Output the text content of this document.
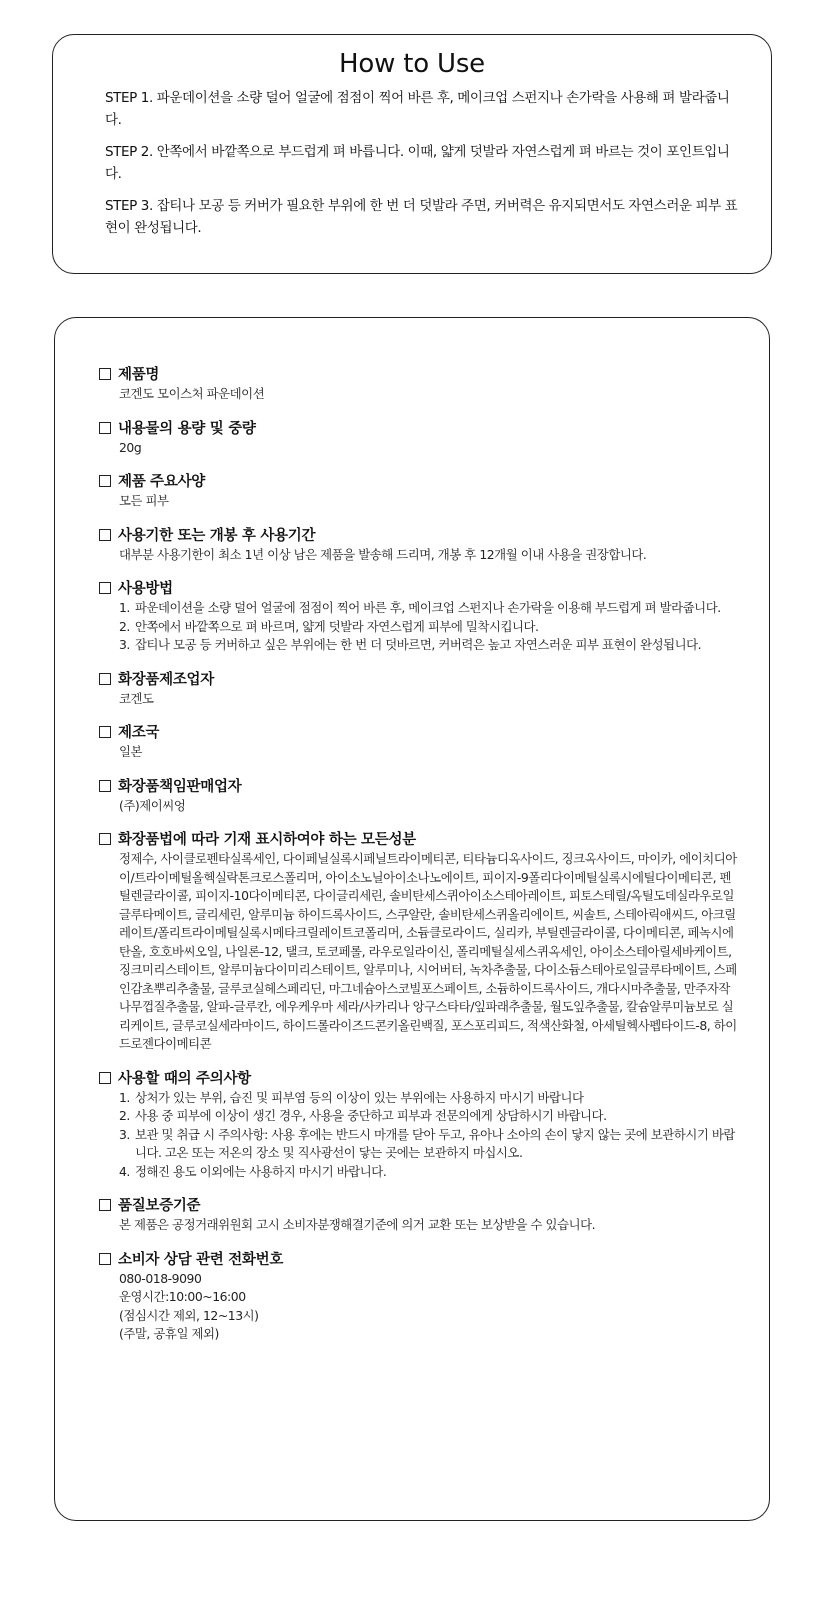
How to Use
STEP 1. 파운데이션을 소량 덜어 얼굴에 점점이 찍어 바른 후, 메이크업 스펀지나 손가락을 사용해 펴 발라줍니다.
STEP 2. 안쪽에서 바깥쪽으로 부드럽게 펴 바릅니다. 이때, 얇게 덧발라 자연스럽게 펴 바르는 것이 포인트입니다.
STEP 3. 잡티나 모공 등 커버가 필요한 부위에 한 번 더 덧발라 주면, 커버력은 유지되면서도 자연스러운 피부 표현이 완성됩니다.
제품명
코겐도 모이스처 파운데이션
내용물의 용량 및 중량
20g
제품 주요사양
모든 피부
사용기한 또는 개봉 후 사용기간
대부분 사용기한이 최소 1년 이상 남은 제품을 발송해 드리며, 개봉 후 12개월 이내 사용을 권장합니다.
사용방법
1. 파운데이션을 소량 덜어 얼굴에 점점이 찍어 바른 후, 메이크업 스펀지나 손가락을 이용해 부드럽게 펴 발라줍니다.
2. 안쪽에서 바깥쪽으로 펴 바르며, 얇게 덧발라 자연스럽게 피부에 밀착시킵니다.
3. 잡티나 모공 등 커버하고 싶은 부위에는 한 번 더 덧바르면, 커버력은 높고 자연스러운 피부 표현이 완성됩니다.
화장품제조업자
코겐도
제조국
일본
화장품책임판매업자
(주)제이씨엉
화장품법에 따라 기재 표시하여야 하는 모든성분
정제수, 사이클로펜타실록세인, 다이페닐실록시페닐트라이메티콘, 티타늄디옥사이드, 징크옥사이드, 마이카, 에이치디아이/트라이메틸올헥실락톤크로스폴리머, 아이소노닐아이소나노에이트, 피이지-9폴리다이메틸실록시에틸다이메티콘, 펜틸렌글라이콜, 피이지-10다이메티콘, 다이글리세린, 솔비탄세스퀴아이소스테아레이트, 피토스테릴/옥틸도데실라우로일글루타메이트, 글리세린, 알루미늄 하이드록사이드, 스쿠알란, 솔비탄세스퀴올리에이트, 씨솔트, 스테아릭애씨드, 아크릴레이트/폴리트라이메틸실록시메타크릴레이트코폴리머, 소듐클로라이드, 실리카, 부틸렌글라이콜, 다이메티콘, 페녹시에탄올, 호호바씨오일, 나일론-12, 탤크, 토코페롤, 라우로일라이신, 폴리메틸실세스퀴옥세인, 아이소스테아릴세바케이트, 징크미리스테이트, 알루미늄다이미리스테이트, 알루미나, 시어버터, 녹차추출물, 다이소듐스테아로일글루타메이트, 스페인감초뿌리추출물, 글루코실헤스페리딘, 마그네슘아스코빌포스페이트, 소듐하이드록사이드, 개다시마추출물, 만주자작나무껍질추출물, 알파-글루칸, 에우케우마 세라/사카리나 앙구스타타/잎파래추출물, 월도잎추출물, 칼슘알루미늄보로 실리케이트, 글루코실세라마이드, 하이드롤라이즈드콘키올린백질, 포스포리피드, 적색산화철, 아세틸헥사펩타이드-8, 하이드로젠다이메티콘
사용할 때의 주의사항
1. 상처가 있는 부위, 습진 및 피부염 등의 이상이 있는 부위에는 사용하지 마시기 바랍니다
2. 사용 중 피부에 이상이 생긴 경우, 사용을 중단하고 피부과 전문의에게 상담하시기 바랍니다.
3. 보관 및 취급 시 주의사항: 사용 후에는 반드시 마개를 닫아 두고, 유아나 소아의 손이 닿지 않는 곳에 보관하시기 바랍니다. 고온 또는 저온의 장소 및 직사광선이 닿는 곳에는 보관하지 마십시오.
4. 정해진 용도 이외에는 사용하지 마시기 바랍니다.
품질보증기준
본 제품은 공정거래위원회 고시 소비자분쟁해결기준에 의거 교환 또는 보상받을 수 있습니다.
소비자 상담 관련 전화번호
080-018-9090
운영시간:10:00~16:00
(점심시간 제외, 12~13시)
(주말, 공휴일 제외)
